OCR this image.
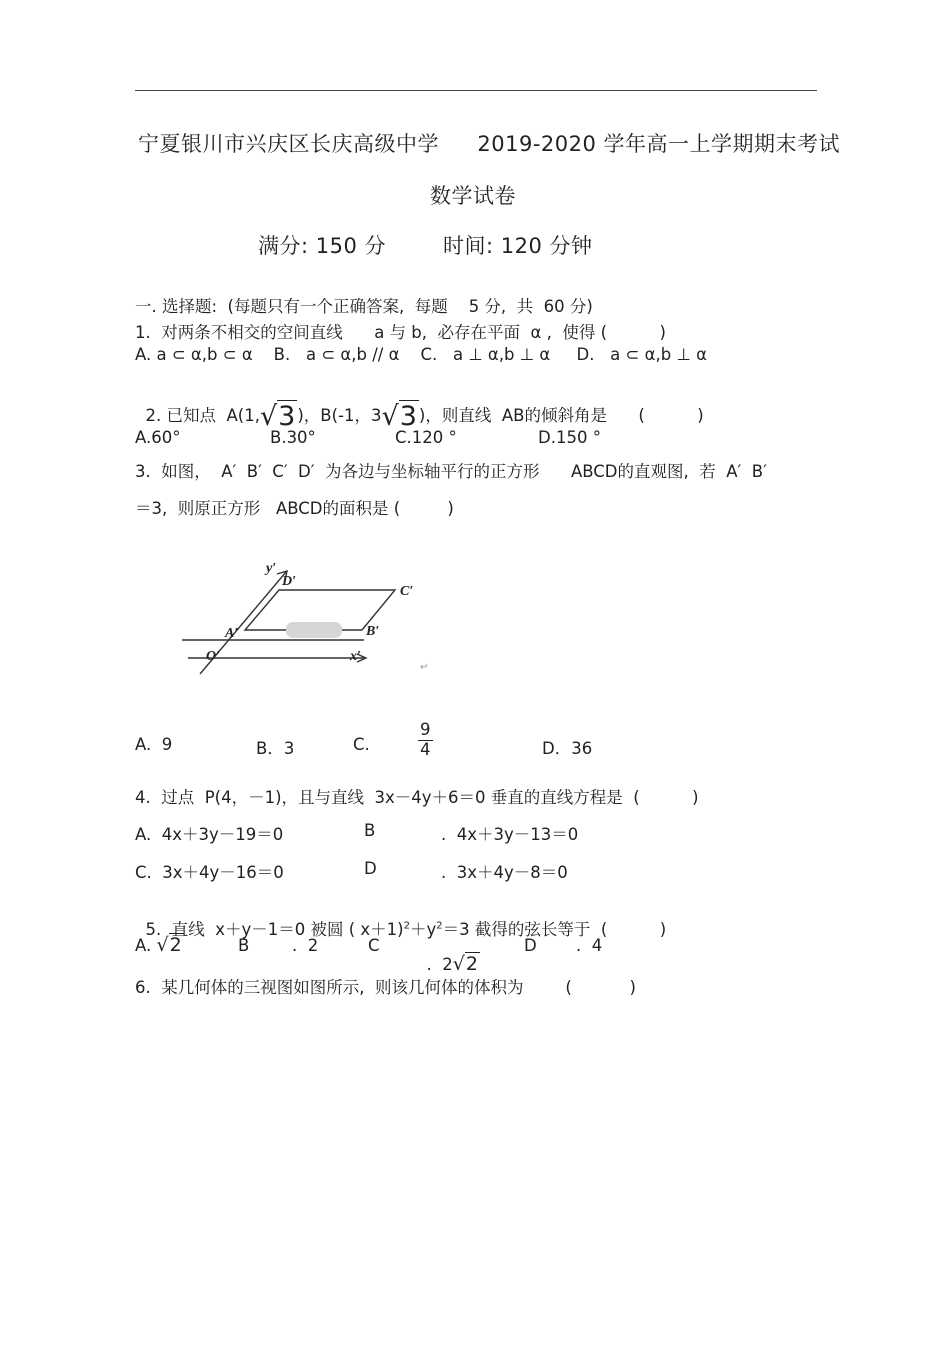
宁夏银川市兴庆区长庆高级中学 2019-2020 学年高一上学期期末考试
数学试卷
满分: 150 分	时间: 120 分钟
一. 选择题:  (每题只有一个正确答案,  每题    5 分,  共  60 分)
1.  对两条不相交的空间直线      a 与 b,  必存在平面  α ,  使得 (          )
A. a ⊂ α,b ⊂ α    B.   a ⊂ α,b // α    C.   a ⊥ α,b ⊥ α     D.   a ⊂ α,b ⊥ α

2. 已知点  A(1,√3 )，B(-1，3√3 )，则直线  AB的倾斜角是      (          )

A.60°	B.30°	C.120 °	D.150 °
3.  如图，  A′  B′  C′  D′  为各边与坐标轴平行的正方形      ABCD的直观图,  若  A′  B′
＝3,  则原正方形   ABCD的面积是 (         )
y′
D′
C′
A′	B′
O′	x′
↵
A.  9	B．3	C.	$\frac{9}{4}$	D．36
4.  过点  P(4，－1)，且与直线  3x－4y＋6＝0 垂直的直线方程是  (          )
A.  4x＋3y－19＝0	B	.  4x＋3y－13＝0
C.  3x＋4y－16＝0	D	.  3x＋4y－8＝0

5.  直线  x＋y－1＝0 被圆 ( $x+1)^2+y^2=3$ 截得的弦长等于  (          )

A. √2	B	.  2	C

.  2√2

D .  4
6.  某几何体的三视图如图所示,  则该几何体的体积为        (           )
